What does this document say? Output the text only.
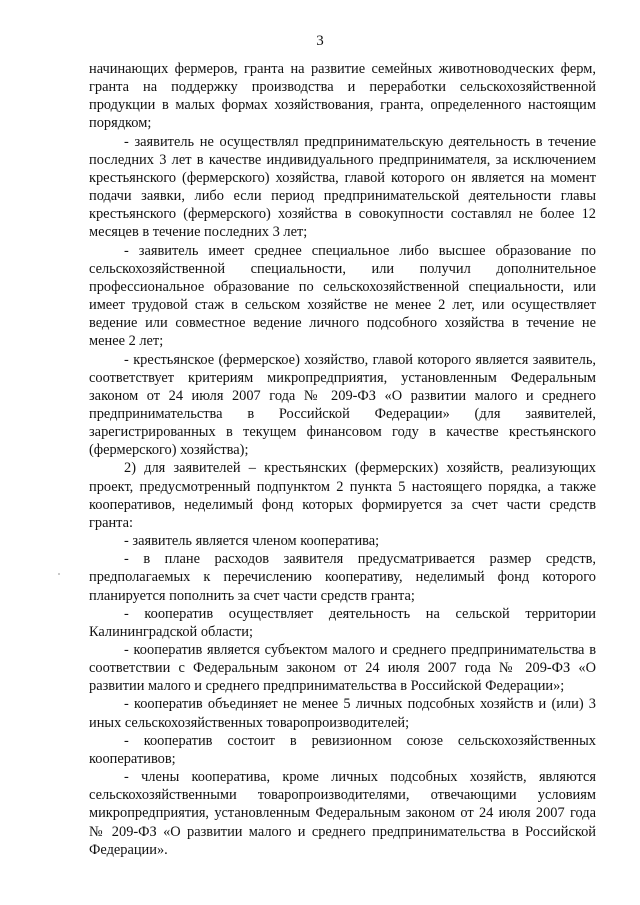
3

начинающих фермеров, гранта на развитие семейных животноводческих ферм, гранта на поддержку производства и переработки сельскохозяйственной продукции в малых формах хозяйствования, гранта, определенного настоящим порядком;

- заявитель не осуществлял предпринимательскую деятельность в течение последних 3 лет в качестве индивидуального предпринимателя, за исключением крестьянского (фермерского) хозяйства, главой которого он является на момент подачи заявки, либо если период предпринимательской деятельности главы крестьянского (фермерского) хозяйства в совокупности составлял не более 12 месяцев в течение последних 3 лет;

- заявитель имеет среднее специальное либо высшее образование по сельскохозяйственной специальности, или получил дополнительное профессиональное образование по сельскохозяйственной специальности, или имеет трудовой стаж в сельском хозяйстве не менее 2 лет, или осуществляет ведение или совместное ведение личного подсобного хозяйства в течение не менее 2 лет;

- крестьянское (фермерское) хозяйство, главой которого является заявитель, соответствует критериям микропредприятия, установленным Федеральным законом от 24 июля 2007 года № 209-ФЗ «О развитии малого и среднего предпринимательства в Российской Федерации» (для заявителей, зарегистрированных в текущем финансовом году в качестве крестьянского (фермерского) хозяйства);

2) для заявителей – крестьянских (фермерских) хозяйств, реализующих проект, предусмотренный подпунктом 2 пункта 5 настоящего порядка, а также кооперативов, неделимый фонд которых формируется за счет части средств гранта:

- заявитель является членом кооператива;

- в плане расходов заявителя предусматривается размер средств, предполагаемых к перечислению кооперативу, неделимый фонд которого планируется пополнить за счет части средств гранта;

- кооператив осуществляет деятельность на сельской территории Калининградской области;

- кооператив является субъектом малого и среднего предпринимательства в соответствии с Федеральным законом от 24 июля 2007 года № 209-ФЗ «О развитии малого и среднего предпринимательства в Российской Федерации»;

- кооператив объединяет не менее 5 личных подсобных хозяйств и (или) 3 иных сельскохозяйственных товаропроизводителей;

- кооператив состоит в ревизионном союзе сельскохозяйственных кооперативов;

- члены кооператива, кроме личных подсобных хозяйств, являются сельскохозяйственными товаропроизводителями, отвечающими условиям микропредприятия, установленным Федеральным законом от 24 июля 2007 года № 209-ФЗ «О развитии малого и среднего предпринимательства в Российской Федерации».
